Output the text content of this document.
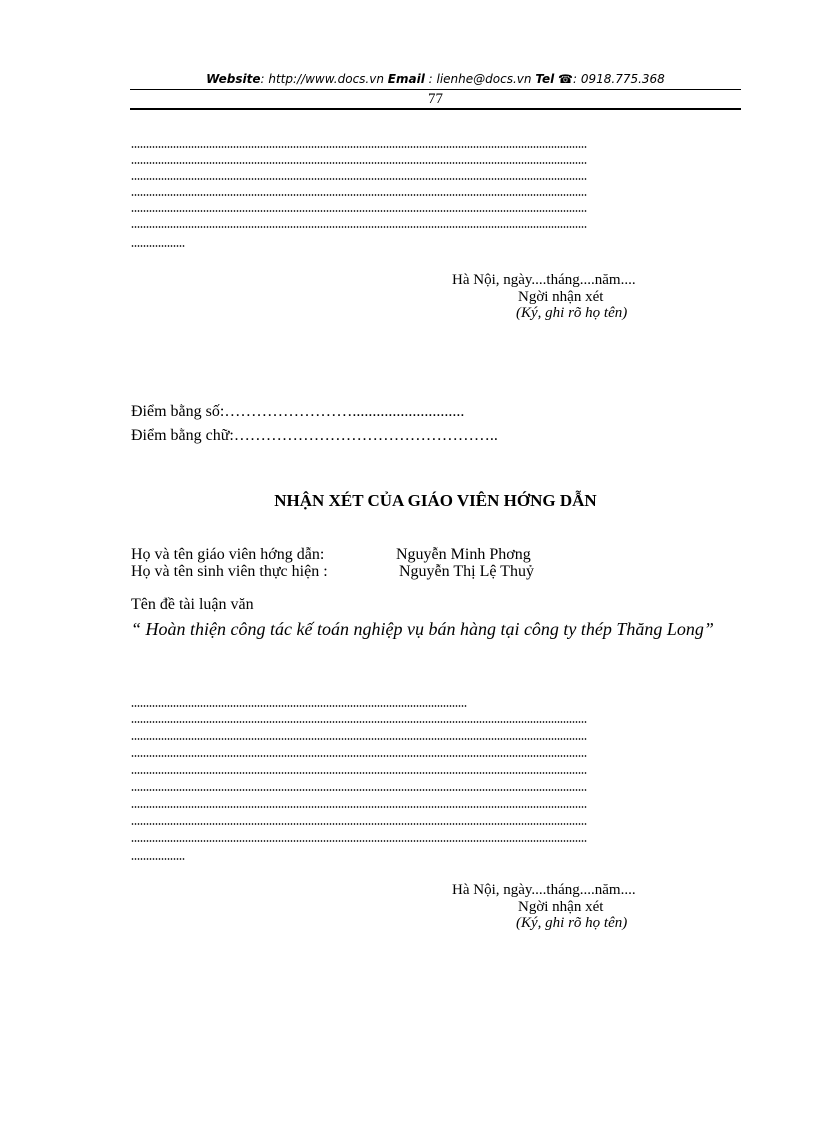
Website: http://www.docs.vn Email : lienhe@docs.vn Tel ☎: 0918.775.368
77
Hà Nội, ngày....tháng....năm....
Ngời nhận xét
(Ký, ghi rõ họ tên)
Điểm bằng số:……………………............................
Điểm bằng chữ:…………………………………………..
NHẬN XÉT CỦA GIÁO VIÊN HỚNG DẪN
Họ và tên giáo viên hớng dẫn:	Nguyễn Minh Phơng
Họ và tên sinh viên thực hiện :	Nguyễn Thị Lệ Thuỷ
Tên đề tài luận văn
“ Hoàn thiện công tác kế toán nghiệp vụ bán hàng tại công ty thép Thăng Long”
Hà Nội, ngày....tháng....năm....
Ngời nhận xét
(Ký, ghi rõ họ tên)
